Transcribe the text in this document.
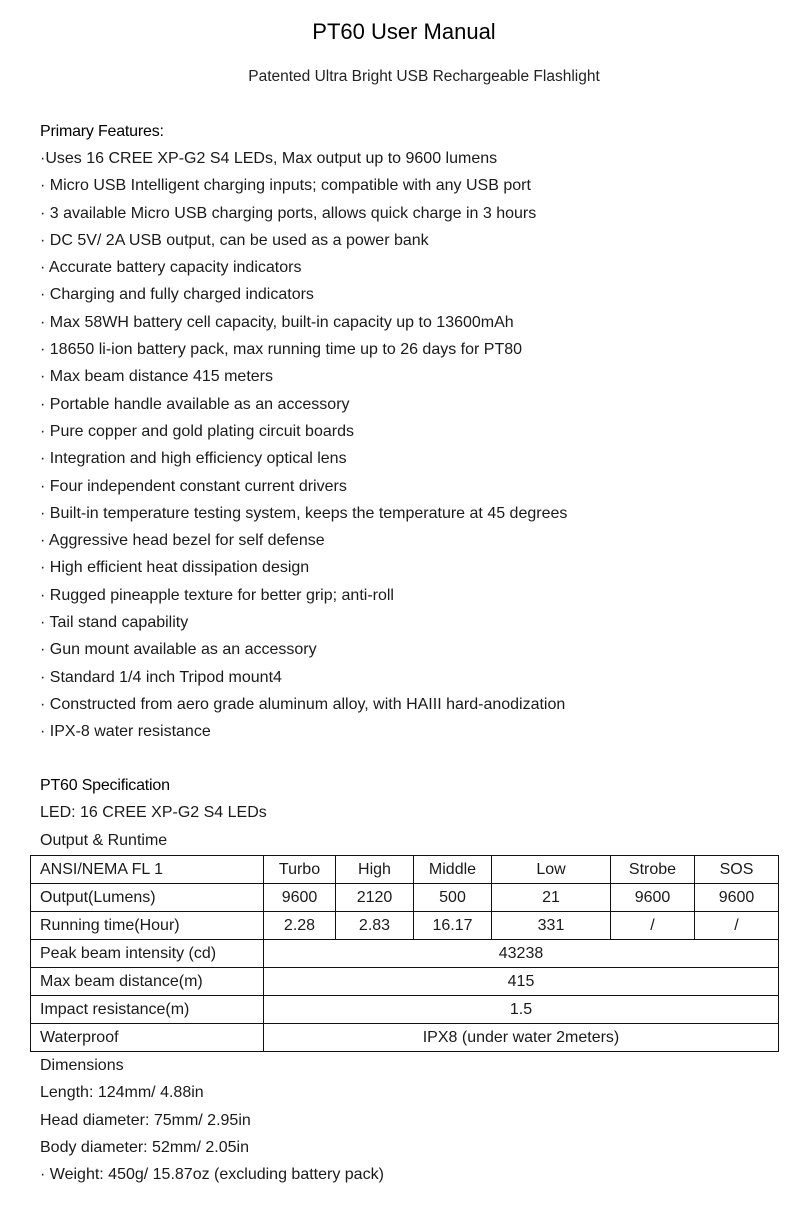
PT60 User Manual
Patented Ultra Bright USB Rechargeable Flashlight
Primary Features:
·Uses 16 CREE XP-G2 S4 LEDs, Max output up to 9600 lumens
· Micro USB Intelligent charging inputs; compatible with any USB port
· 3 available Micro USB charging ports, allows quick charge in 3 hours
· DC 5V/ 2A USB output, can be used as a power bank
· Accurate battery capacity indicators
· Charging and fully charged indicators
· Max 58WH battery cell capacity, built-in capacity up to 13600mAh
· 18650 li-ion battery pack, max running time up to 26 days for PT80
· Max beam distance 415 meters
· Portable handle available as an accessory
· Pure copper and gold plating circuit boards
· Integration and high efficiency optical lens
· Four independent constant current drivers
· Built-in temperature testing system, keeps the temperature at 45 degrees
· Aggressive head bezel for self defense
· High efficient heat dissipation design
· Rugged pineapple texture for better grip; anti-roll
· Tail stand capability
· Gun mount available as an accessory
· Standard 1/4 inch Tripod mount4
· Constructed from aero grade aluminum alloy, with HAIII hard-anodization
· IPX-8 water resistance
PT60 Specification
LED: 16 CREE XP-G2 S4 LEDs
Output & Runtime
ANSI/NEMA FL 1	Turbo	High	Middle	Low	Strobe	SOS
Output(Lumens)	9600	2120	500	21	9600	9600
Running time(Hour)	2.28	2.83	16.17	331	/	/
Peak beam intensity (cd)	43238					
Max beam distance(m)	415					
Impact resistance(m)	1.5					
Waterproof	IPX8 (under water 2meters)					
Dimensions
Length: 124mm/ 4.88in
Head diameter: 75mm/ 2.95in
Body diameter: 52mm/ 2.05in
· Weight: 450g/ 15.87oz (excluding battery pack)
